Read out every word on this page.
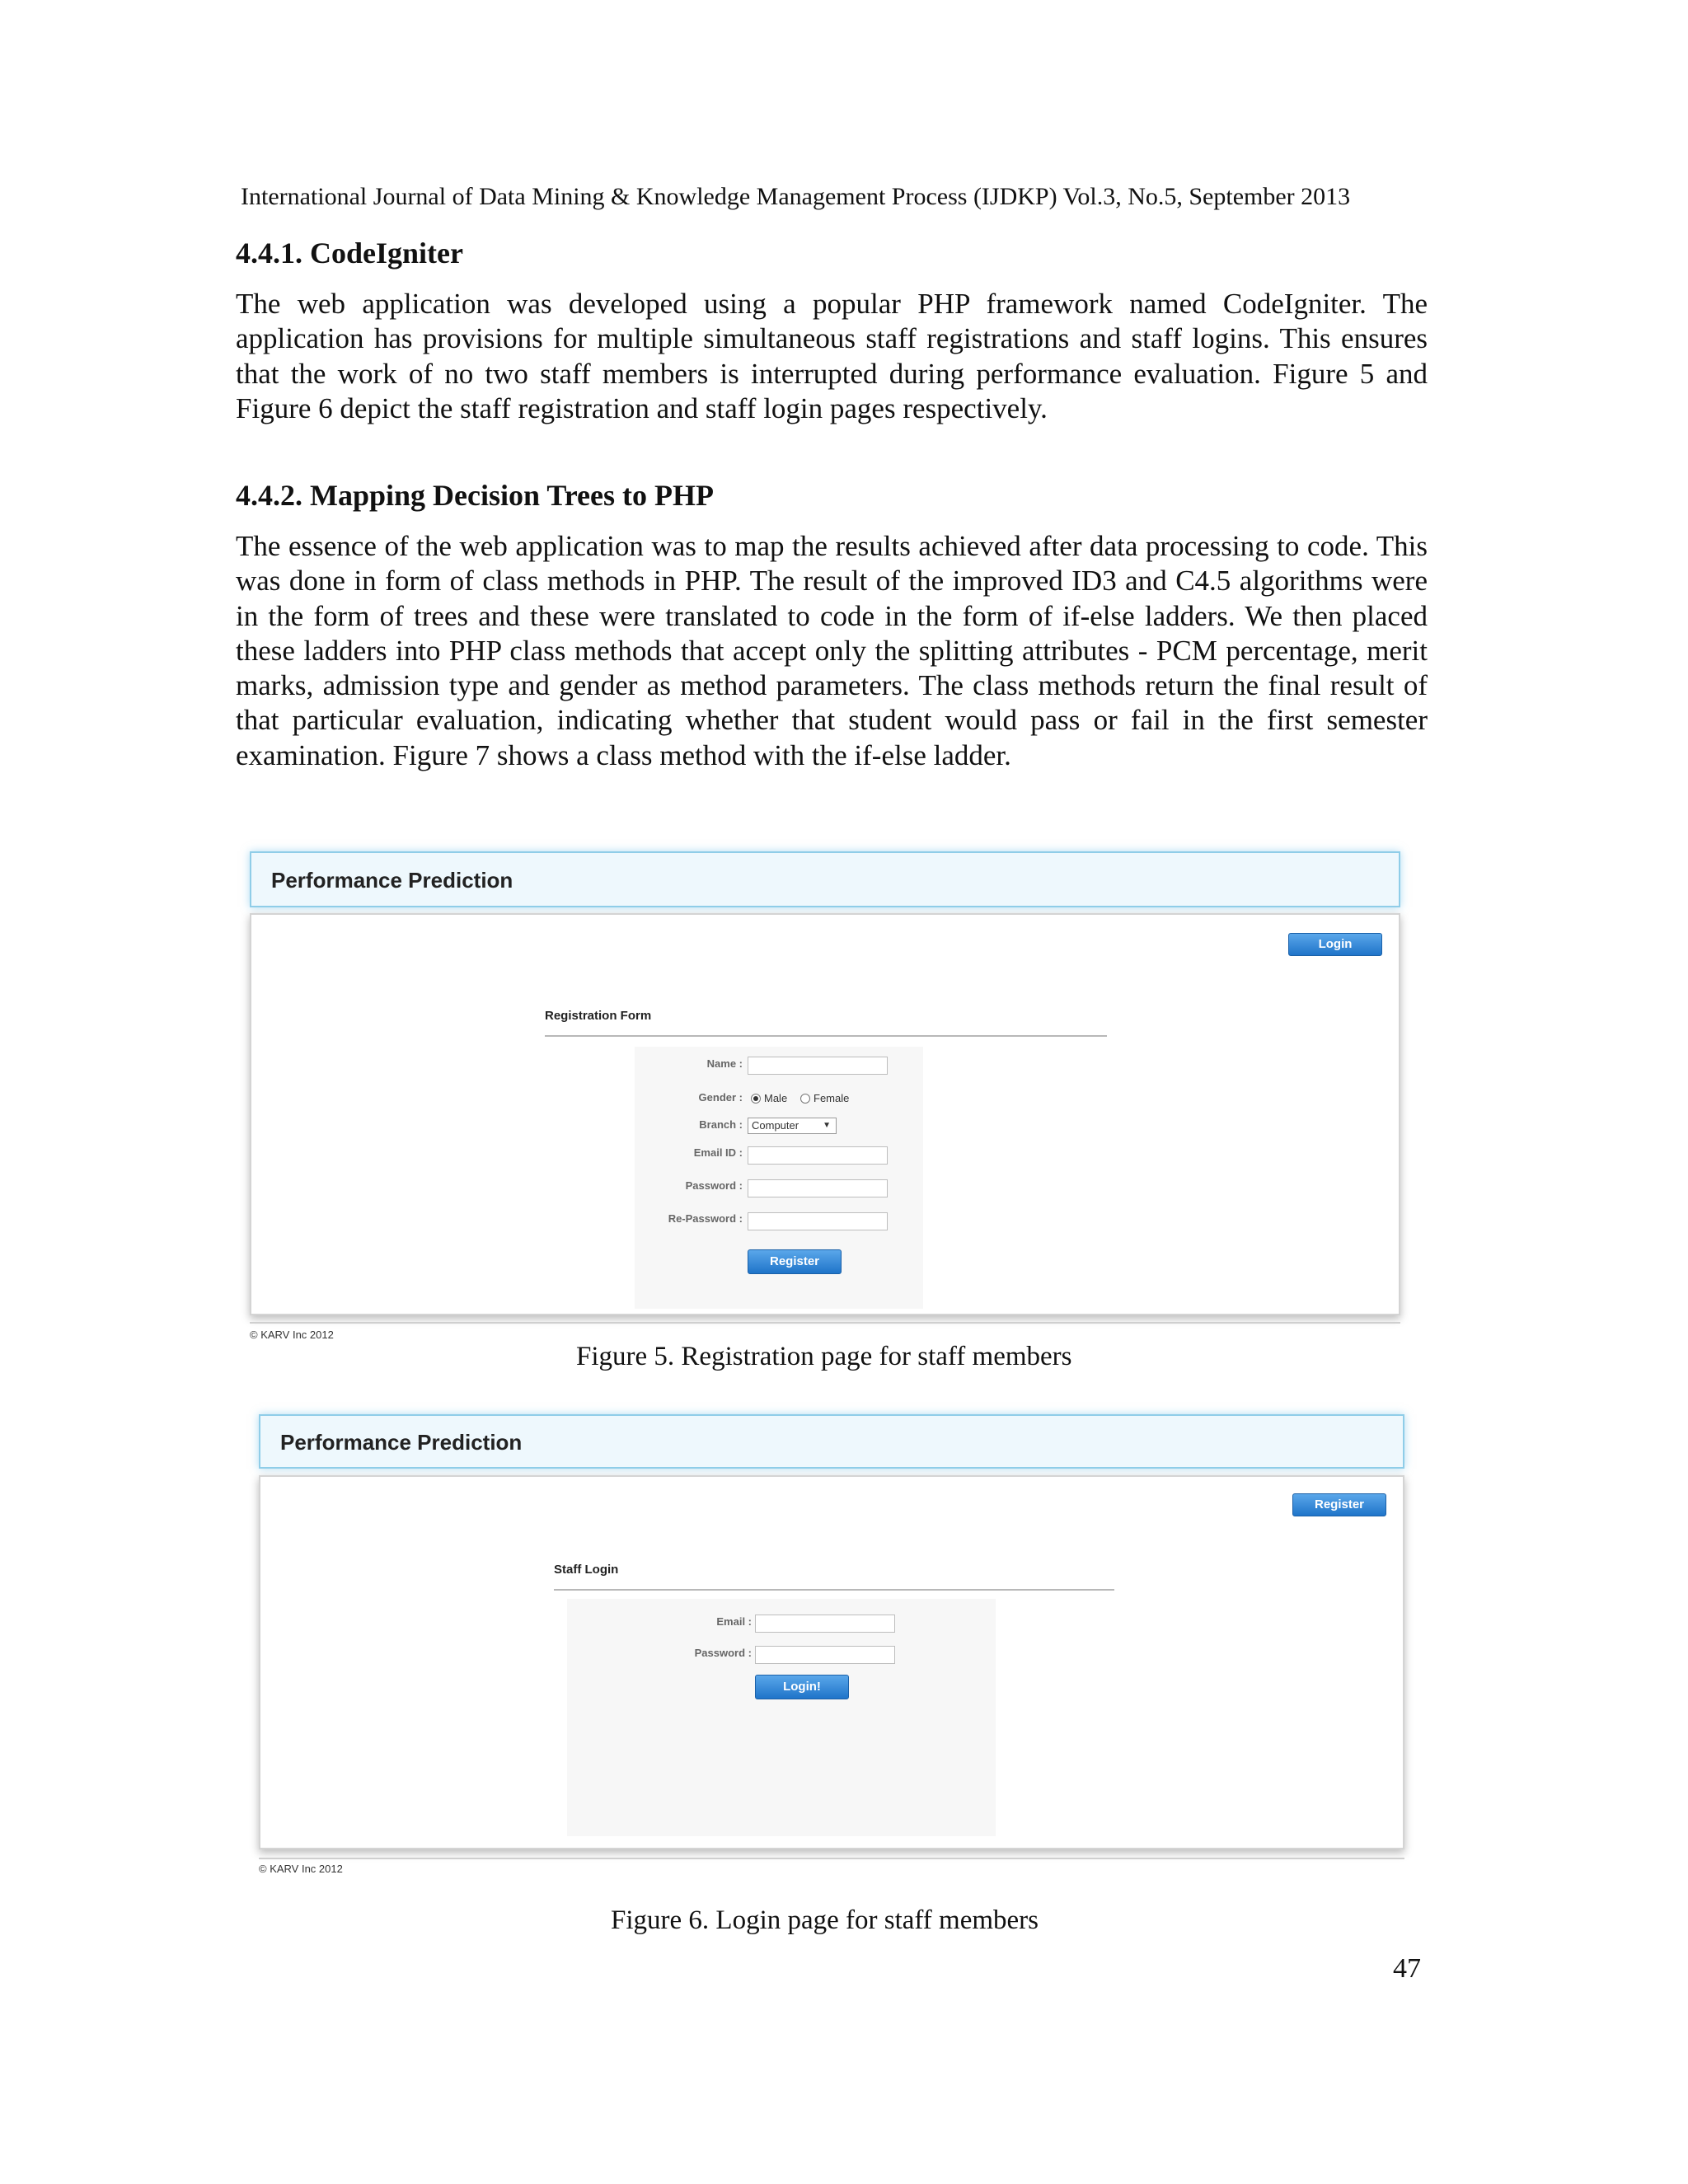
International Journal of Data Mining & Knowledge Management Process (IJDKP) Vol.3, No.5, September 2013
4.4.1. CodeIgniter

The web application was developed using a popular PHP framework named CodeIgniter. The application has provisions for multiple simultaneous staff registrations and staff logins. This ensures that the work of no two staff members is interrupted during performance evaluation. Figure 5 and Figure 6 depict the staff registration and staff login pages respectively.

4.4.2. Mapping Decision Trees to PHP

The essence of the web application was to map the results achieved after data processing to code. This was done in form of class methods in PHP. The result of the improved ID3 and C4.5 algorithms were in the form of trees and these were translated to code in the form of if-else ladders. We then placed these ladders into PHP class methods that accept only the splitting attributes - PCM percentage, merit marks, admission type and gender as method parameters. The class methods return the final result of that particular evaluation, indicating whether that student would pass or fail in the first semester examination. Figure 7 shows a class method with the if-else ladder.

Performance Prediction
Login
Registration Form
Name :
Gender : Male Female
Branch : Computer	▼
Email ID :
Password :
Re-Password :
Register
© KARV Inc 2012
Figure 5. Registration page for staff members
Performance Prediction
Register
Staff Login
Email :
Password :
Login!
© KARV Inc 2012
Figure 6. Login page for staff members
47
